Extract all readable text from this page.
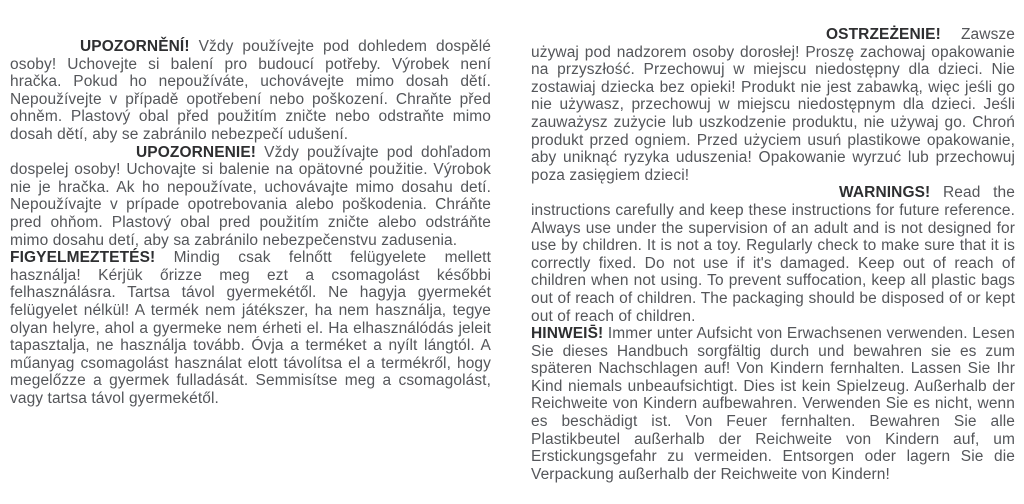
UPOZORNĚNÍ! Vždy používejte pod dohledem dospělé osoby! Uchovejte si balení pro budoucí potřeby. Výrobek není hračka. Pokud ho nepoužíváte, uchovávejte mimo dosah dětí. Nepoužívejte v případě opotřebení nebo poškození. Chraňte před ohněm. Plastový obal před použitím zničte nebo odstraňte mimo dosah dětí, aby se zabránilo nebezpečí udušení.

UPOZORNENIE! Vždy používajte pod dohľadom dospelej osoby! Uchovajte si balenie na opätovné použitie. Výrobok nie je hračka. Ak ho nepoužívate, uchovávajte mimo dosahu detí. Nepoužívajte v prípade opotrebovania alebo poškodenia. Chráňte pred ohňom. Plastový obal pred použitím zničte alebo odstráňte mimo dosahu detí, aby sa zabránilo nebezpečenstvu zadusenia.

FIGYELMEZTETÉS! Mindig csak felnőtt felügyelete mellett használja! Kérjük őrizze meg ezt a csomagolást későbbi felhasználásra. Tartsa távol gyermekétől. Ne hagyja gyermekét felügyelet nélkül! A termék nem játékszer, ha nem használja, tegye olyan helyre, ahol a gyermeke nem érheti el. Ha elhasználódás jeleit tapasztalja, ne használja tovább. Óvja a terméket a nyílt lángtól. A műanyag csomagolást használat elott távolítsa el a termékről, hogy megelőzze a gyermek fulladását. Semmisítse meg a csomagolást, vagy tartsa távol gyermekétől.

OSTRZEŻENIE! Zawsze używaj pod nadzorem osoby dorosłej! Proszę zachowaj opakowanie na przyszłość. Przechowuj w miejscu niedostępny dla dzieci. Nie zostawiaj dziecka bez opieki! Produkt nie jest zabawką, więc jeśli go nie używasz, przechowuj w miejscu niedostępnym dla dzieci. Jeśli zauważysz zużycie lub uszkodzenie produktu, nie używaj go. Chroń produkt przed ogniem. Przed użyciem usuń plastikowe opakowanie, aby uniknąć ryzyka uduszenia! Opakowanie wyrzuć lub przechowuj poza zasięgiem dzieci!

WARNINGS! Read the instructions carefully and keep these instructions for future reference. Always use under the supervision of an adult and is not designed for use by children. It is not a toy. Regularly check to make sure that it is correctly fixed. Do not use if it's damaged. Keep out of reach of children when not using. To prevent suffocation, keep all plastic bags out of reach of children. The packaging should be disposed of or kept out of reach of children.

HINWEIS̄! Immer unter Aufsicht von Erwachsenen verwenden. Lesen Sie dieses Handbuch sorgfältig durch und bewahren sie es zum späteren Nachschlagen auf! Von Kindern fernhalten. Lassen Sie Ihr Kind niemals unbeaufsichtigt. Dies ist kein Spielzeug. Außerhalb der Reichweite von Kindern aufbewahren. Verwenden Sie es nicht, wenn es beschädigt ist. Von Feuer fernhalten. Bewahren Sie alle Plastikbeutel außerhalb der Reichweite von Kindern auf, um Erstickungsgefahr zu vermeiden. Entsorgen oder lagern Sie die Verpackung außerhalb der Reichweite von Kindern!
